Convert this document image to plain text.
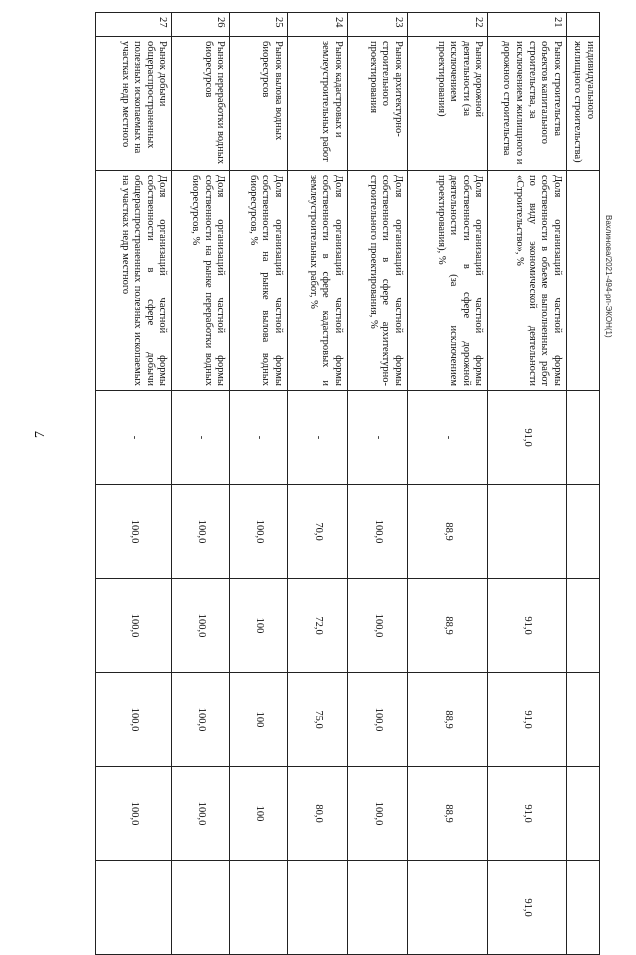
7
Вахлинова/2021-494-рп-ЭКОН(1)
	индивидуального жилищного строительства)							
21	Рынок строительства объектов капитального строительства, за исключением жилищного и дорожного строительства	Доля организаций частной формы собственности в объеме выполненных работ по виду экономической деятельности «Строительство», %	91,0		91,0	91,0	91,0	91,0
22	Рынок дорожной деятельности (за исключением проектирования)	Доля организаций частной формы собственности в сфере дорожной деятельности (за исключением проектирования), %	-	88,9	88,9	88,9	88,9	
23	Рынок архитектурно-строительного проектирования	Доля организаций частной формы собственности в сфере архитектурно-строительного проектирования, %	-	100,0	100,0	100,0	100,0	
24	Рынок кадастровых и землеустроительных работ	Доля организаций частной формы собственности в сфере кадастровых и землеустроительных работ, %	-	70,0	72,0	75,0	80,0	
25	Рынок вылова водных биоресурсов	Доля организаций частной формы собственности на рынке вылова водных биоресурсов, %	-	100,0	100	100	100	
26	Рынок переработки водных биоресурсов	Доля организаций частной формы собственности на рынке переработки водных биоресурсов, %	-	100,0	100,0	100,0	100,0	
27	Рынок добычи общераспространенных полезных ископаемых на участках недр местного	Доля организаций частной формы собственности в сфере добычи общераспространенных полезных ископаемых на участках недр местного	-	100,0	100,0	100,0	100,0	
